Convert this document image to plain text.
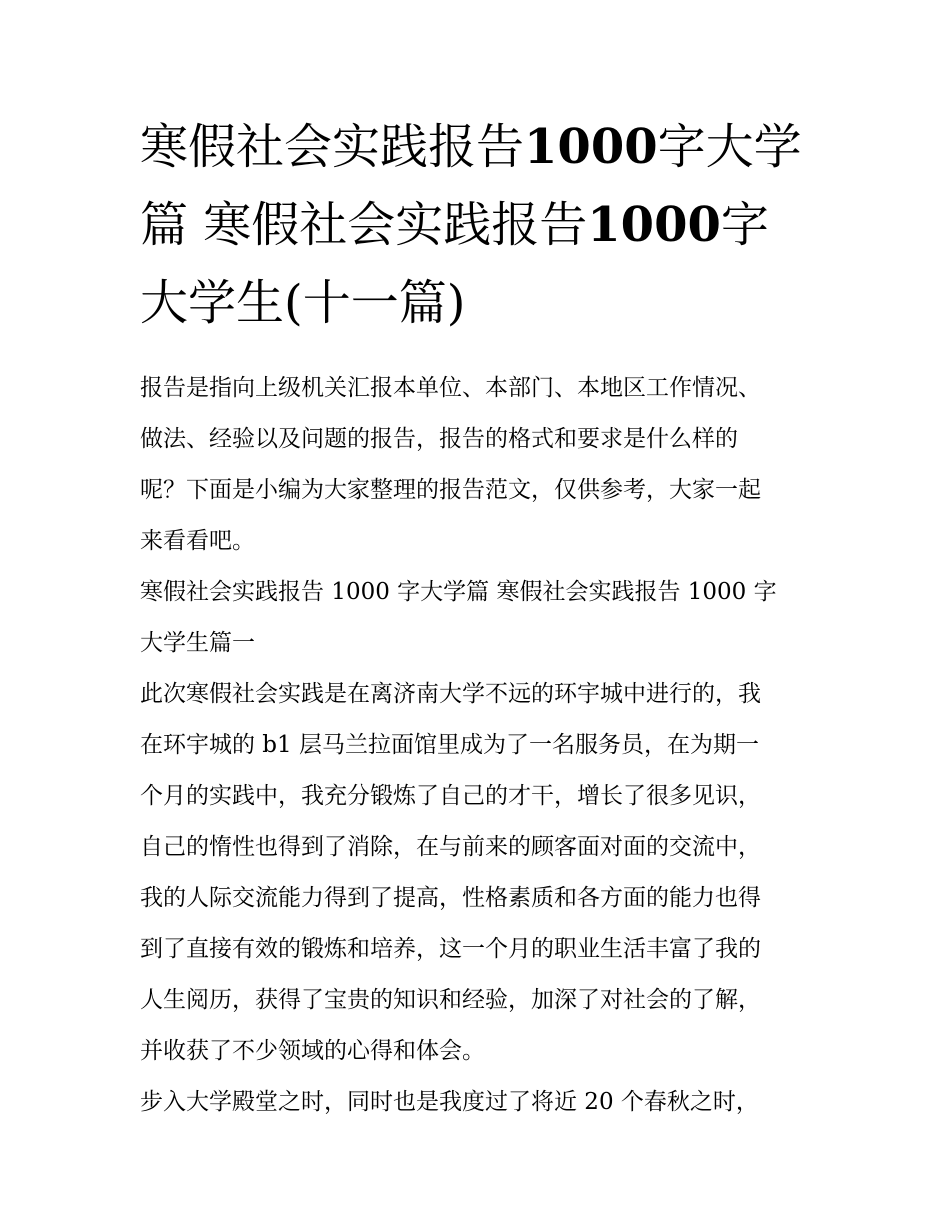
寒假社会实践报告1000字大学
篇 寒假社会实践报告1000字
大学生(十一篇)

报告是指向上级机关汇报本单位、本部门、本地区工作情况、
做法、经验以及问题的报告，报告的格式和要求是什么样的
呢？下面是小编为大家整理的报告范文，仅供参考，大家一起
来看看吧。

寒假社会实践报告 1000 字大学篇 寒假社会实践报告 1000 字
大学生篇一

此次寒假社会实践是在离济南大学不远的环宇城中进行的，我
在环宇城的 b1 层马兰拉面馆里成为了一名服务员，在为期一
个月的实践中，我充分锻炼了自己的才干，增长了很多见识，
自己的惰性也得到了消除，在与前来的顾客面对面的交流中，
我的人际交流能力得到了提高，性格素质和各方面的能力也得
到了直接有效的锻炼和培养，这一个月的职业生活丰富了我的
人生阅历，获得了宝贵的知识和经验，加深了对社会的了解，
并收获了不少领域的心得和体会。

步入大学殿堂之时，同时也是我度过了将近 20 个春秋之时，
